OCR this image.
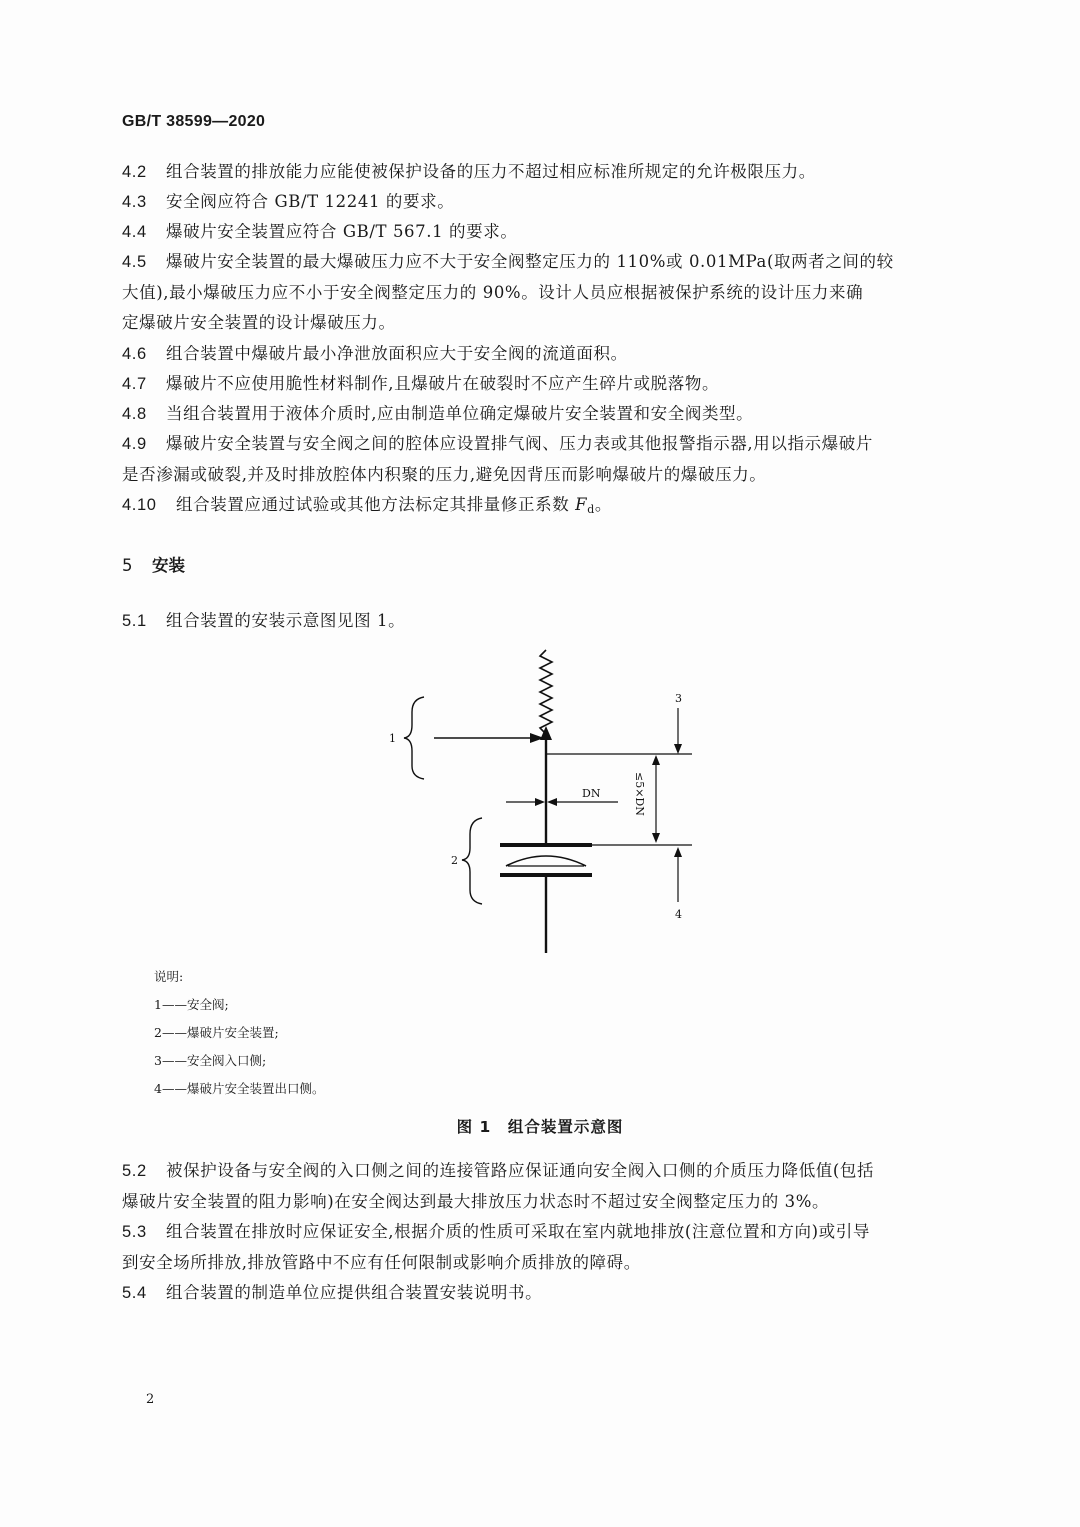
GB/T 38599—2020
4.2 组合装置的排放能力应能使被保护设备的压力不超过相应标准所规定的允许极限压力。
4.3 安全阀应符合 GB/T 12241 的要求。
4.4 爆破片安全装置应符合 GB/T 567.1 的要求。
4.5 爆破片安全装置的最大爆破压力应不大于安全阀整定压力的 110%或 0.01MPa(取两者之间的较
大值),最小爆破压力应不小于安全阀整定压力的 90%。设计人员应根据被保护系统的设计压力来确
定爆破片安全装置的设计爆破压力。
4.6 组合装置中爆破片最小净泄放面积应大于安全阀的流道面积。
4.7 爆破片不应使用脆性材料制作,且爆破片在破裂时不应产生碎片或脱落物。
4.8 当组合装置用于液体介质时,应由制造单位确定爆破片安全装置和安全阀类型。
4.9 爆破片安全装置与安全阀之间的腔体应设置排气阀、压力表或其他报警指示器,用以指示爆破片
是否渗漏或破裂,并及时排放腔体内积聚的压力,避免因背压而影响爆破片的爆破压力。
4.10 组合装置应通过试验或其他方法标定其排量修正系数 $F_d$。
5 安装
5.1 组合装置的安装示意图见图 1。
1
2
3
4
DN	≤5×DN
说明:
1——安全阀;
2——爆破片安全装置;
3——安全阀入口侧;
4——爆破片安全装置出口侧。
图 1　组合装置示意图
5.2 被保护设备与安全阀的入口侧之间的连接管路应保证通向安全阀入口侧的介质压力降低值(包括
爆破片安全装置的阻力影响)在安全阀达到最大排放压力状态时不超过安全阀整定压力的 3%。
5.3 组合装置在排放时应保证安全,根据介质的性质可采取在室内就地排放(注意位置和方向)或引导
到安全场所排放,排放管路中不应有任何限制或影响介质排放的障碍。
5.4 组合装置的制造单位应提供组合装置安装说明书。
2
